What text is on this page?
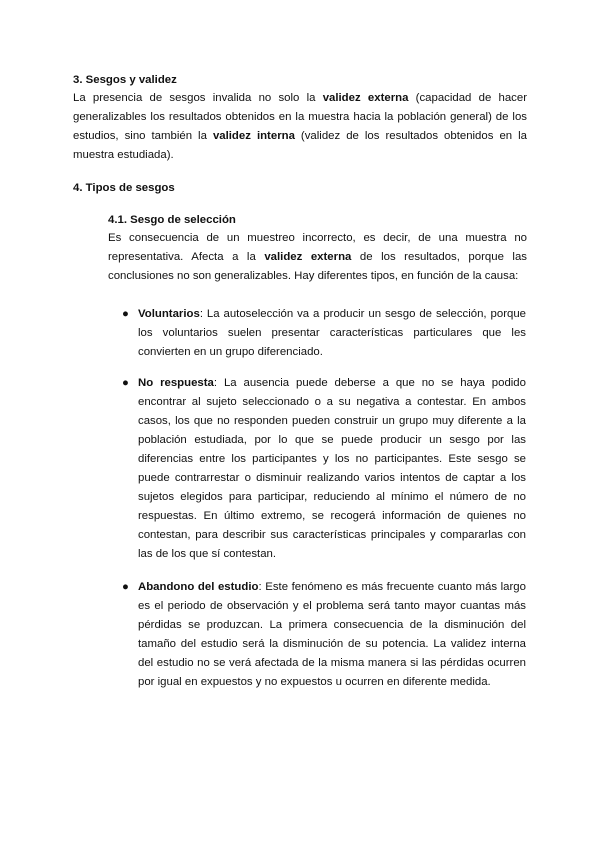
3. Sesgos y validez

La presencia de sesgos invalida no solo la validez externa (capacidad de hacer generalizables los resultados obtenidos en la muestra hacia la población general) de los estudios, sino también la validez interna (validez de los resultados obtenidos en la muestra estudiada).

4. Tipos de sesgos

4.1. Sesgo de selección

Es consecuencia de un muestreo incorrecto, es decir, de una muestra no representativa. Afecta a la validez externa de los resultados, porque las conclusiones no son generalizables. Hay diferentes tipos, en función de la causa:

● Voluntarios: La autoselección va a producir un sesgo de selección, porque los voluntarios suelen presentar características particulares que les convierten en un grupo diferenciado.

● No respuesta: La ausencia puede deberse a que no se haya podido encontrar al sujeto seleccionado o a su negativa a contestar. En ambos casos, los que no responden pueden construir un grupo muy diferente a la población estudiada, por lo que se puede producir un sesgo por las diferencias entre los participantes y los no participantes. Este sesgo se puede contrarrestar o disminuir realizando varios intentos de captar a los sujetos elegidos para participar, reduciendo al mínimo el número de no respuestas. En último extremo, se recogerá información de quienes no contestan, para describir sus características principales y compararlas con las de los que sí contestan.

● Abandono del estudio: Este fenómeno es más frecuente cuanto más largo es el periodo de observación y el problema será tanto mayor cuantas más pérdidas se produzcan. La primera consecuencia de la disminución del tamaño del estudio será la disminución de su potencia. La validez interna del estudio no se verá afectada de la misma manera si las pérdidas ocurren por igual en expuestos y no expuestos u ocurren en diferente medida.
